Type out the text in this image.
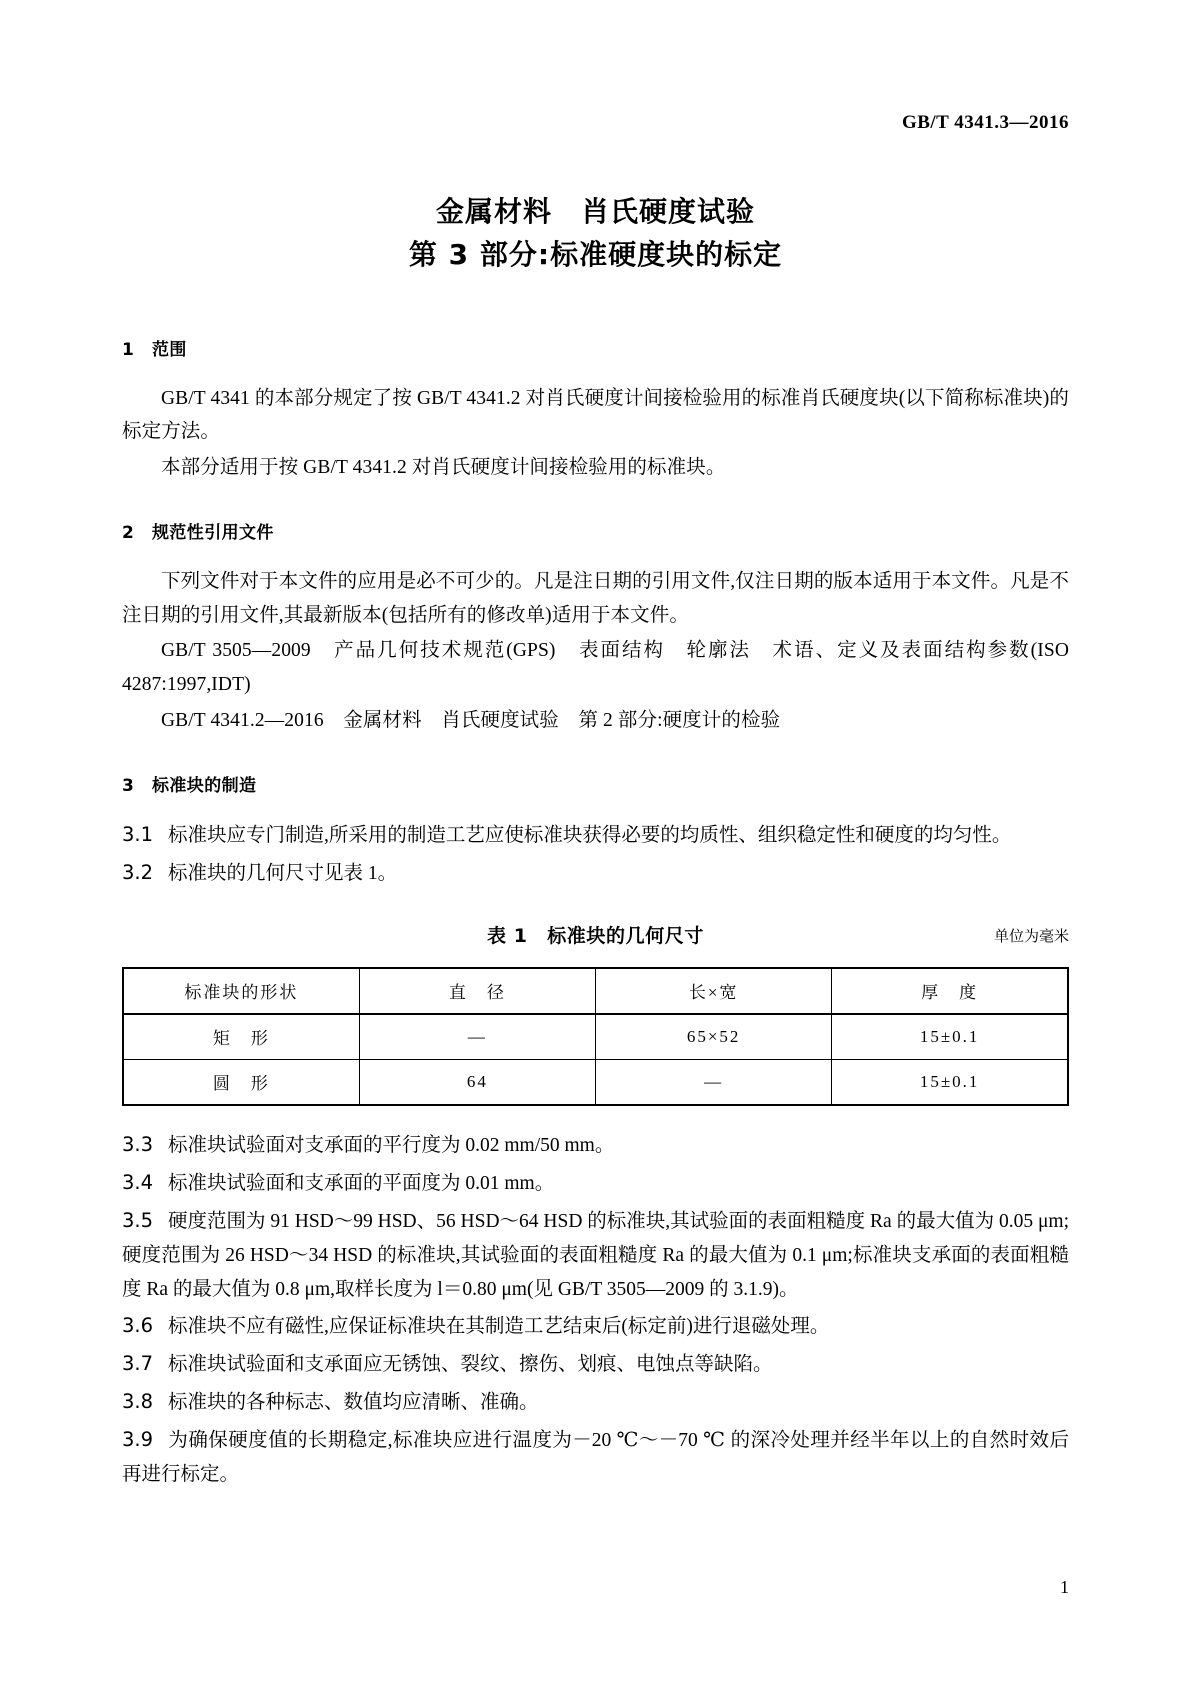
GB/T 4341.3—2016
金属材料　肖氏硬度试验
第 3 部分:标准硬度块的标定
1 范围

GB/T 4341 的本部分规定了按 GB/T 4341.2 对肖氏硬度计间接检验用的标准肖氏硬度块(以下简称标准块)的标定方法。

本部分适用于按 GB/T 4341.2 对肖氏硬度计间接检验用的标准块。

2 规范性引用文件

下列文件对于本文件的应用是必不可少的。凡是注日期的引用文件,仅注日期的版本适用于本文件。凡是不注日期的引用文件,其最新版本(包括所有的修改单)适用于本文件。

GB/T 3505—2009　产品几何技术规范(GPS)　表面结构　轮廓法　术语、定义及表面结构参数(ISO 4287:1997,IDT)

GB/T 4341.2—2016　金属材料　肖氏硬度试验　第 2 部分:硬度计的检验

3 标准块的制造

3.1 标准块应专门制造,所采用的制造工艺应使标准块获得必要的均质性、组织稳定性和硬度的均匀性。

3.2 标准块的几何尺寸见表 1。

表 1　标准块的几何尺寸	单位为毫米
标准块的形状	直　径	长×宽	厚　度
矩　形	—	65×52	15±0.1
圆　形	64	—	15±0.1

3.3 标准块试验面对支承面的平行度为 0.02 mm/50 mm。

3.4 标准块试验面和支承面的平面度为 0.01 mm。

3.5 硬度范围为 91 HSD～99 HSD、56 HSD～64 HSD 的标准块,其试验面的表面粗糙度 Ra 的最大值为 0.05 μm;硬度范围为 26 HSD～34 HSD 的标准块,其试验面的表面粗糙度 Ra 的最大值为 0.1 μm;标准块支承面的表面粗糙度 Ra 的最大值为 0.8 μm,取样长度为 l＝0.80 μm(见 GB/T 3505—2009 的 3.1.9)。

3.6 标准块不应有磁性,应保证标准块在其制造工艺结束后(标定前)进行退磁处理。

3.7 标准块试验面和支承面应无锈蚀、裂纹、擦伤、划痕、电蚀点等缺陷。

3.8 标准块的各种标志、数值均应清晰、准确。

3.9 为确保硬度值的长期稳定,标准块应进行温度为－20 ℃～－70 ℃ 的深冷处理并经半年以上的自然时效后再进行标定。

1
